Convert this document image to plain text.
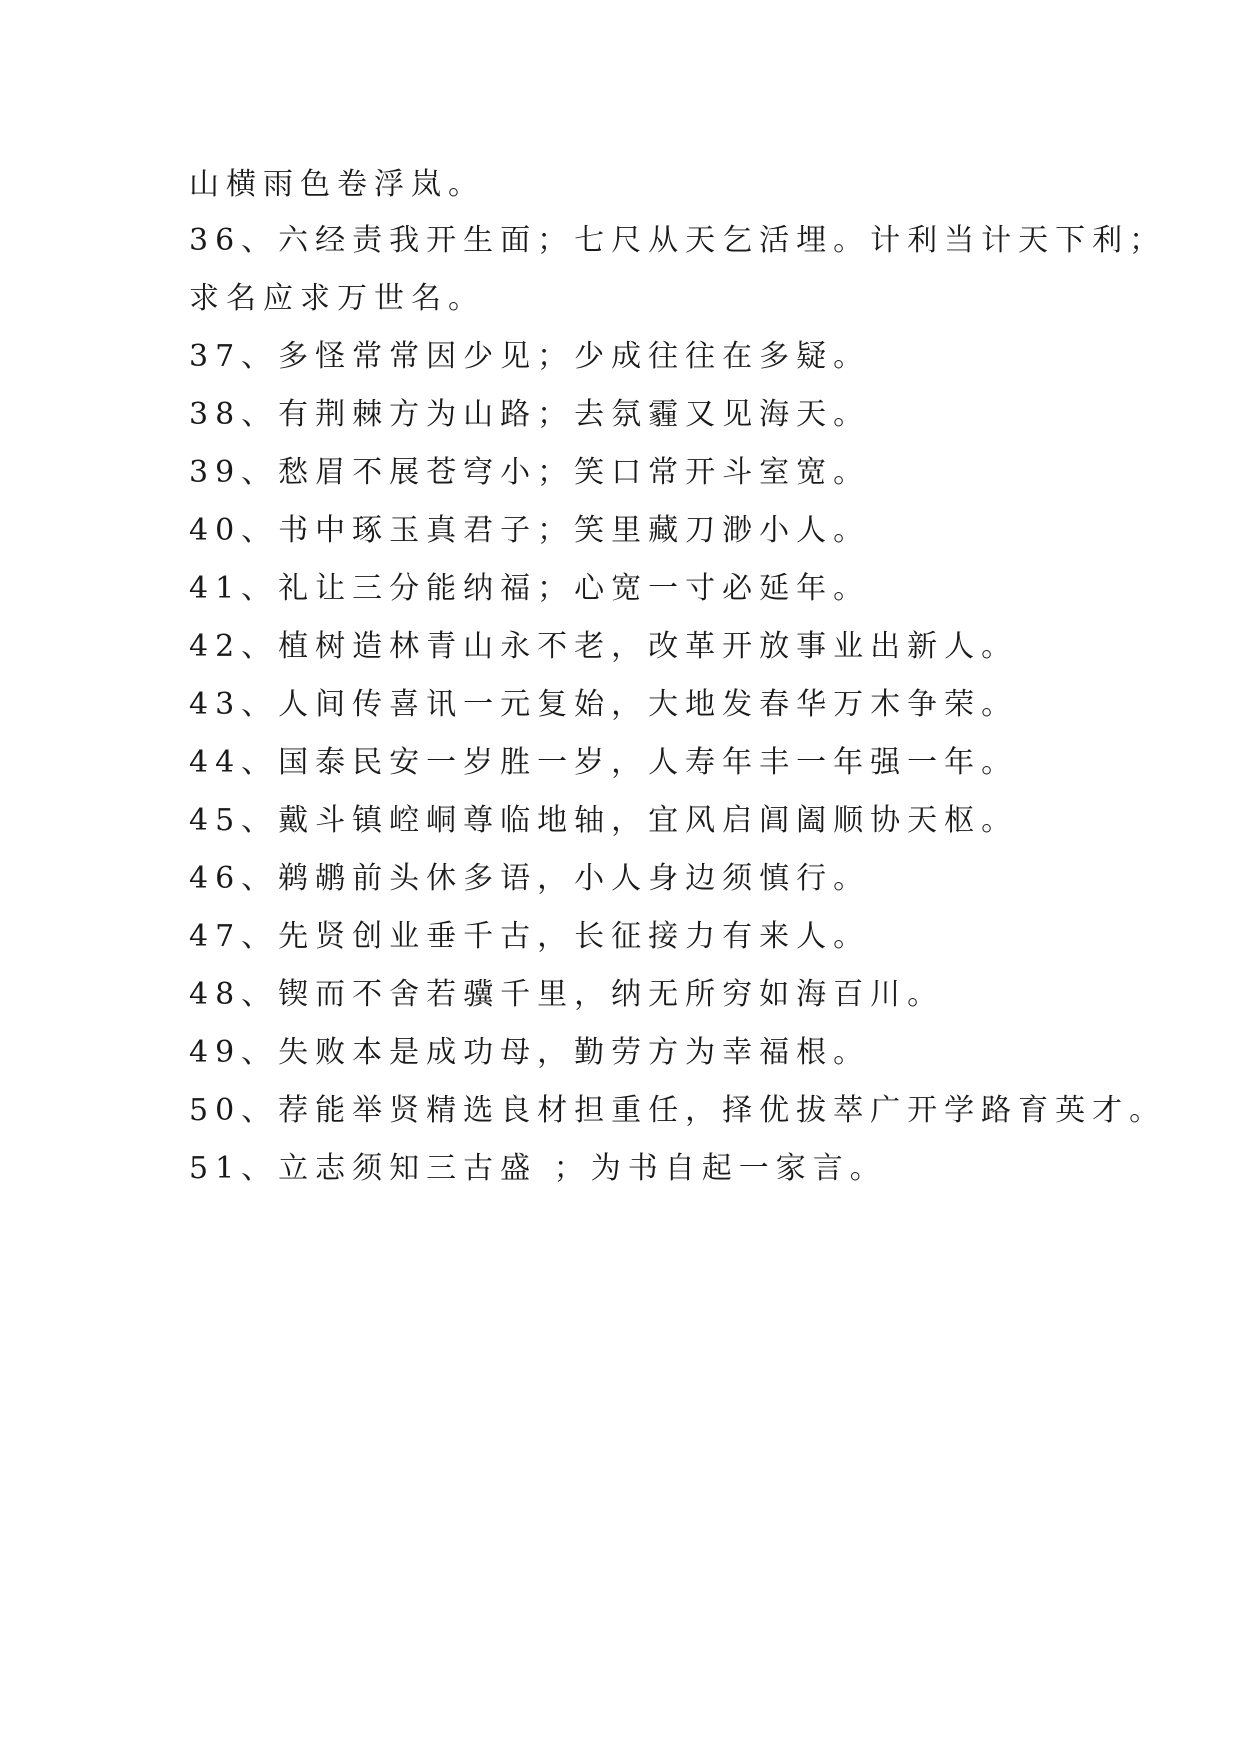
山横雨色卷浮岚。
36、六经责我开生面；七尺从天乞活埋。计利当计天下利；
求名应求万世名。
37、多怪常常因少见；少成往往在多疑。
38、有荆棘方为山路；去氛霾又见海天。
39、愁眉不展苍穹小；笑口常开斗室宽。
40、书中琢玉真君子；笑里藏刀渺小人。
41、礼让三分能纳福；心宽一寸必延年。
42、植树造林青山永不老，改革开放事业出新人。
43、人间传喜讯一元复始，大地发春华万木争荣。
44、国泰民安一岁胜一岁，人寿年丰一年强一年。
45、戴斗镇崆峒尊临地轴，宜风启阊阖顺协天枢。
46、鹈鹕前头休多语，小人身边须慎行。
47、先贤创业垂千古，长征接力有来人。
48、锲而不舍若骥千里，纳无所穷如海百川。
49、失败本是成功母，勤劳方为幸福根。
50、荐能举贤精选良材担重任，择优拔萃广开学路育英才。
51、立志须知三古盛 ；为书自起一家言。
